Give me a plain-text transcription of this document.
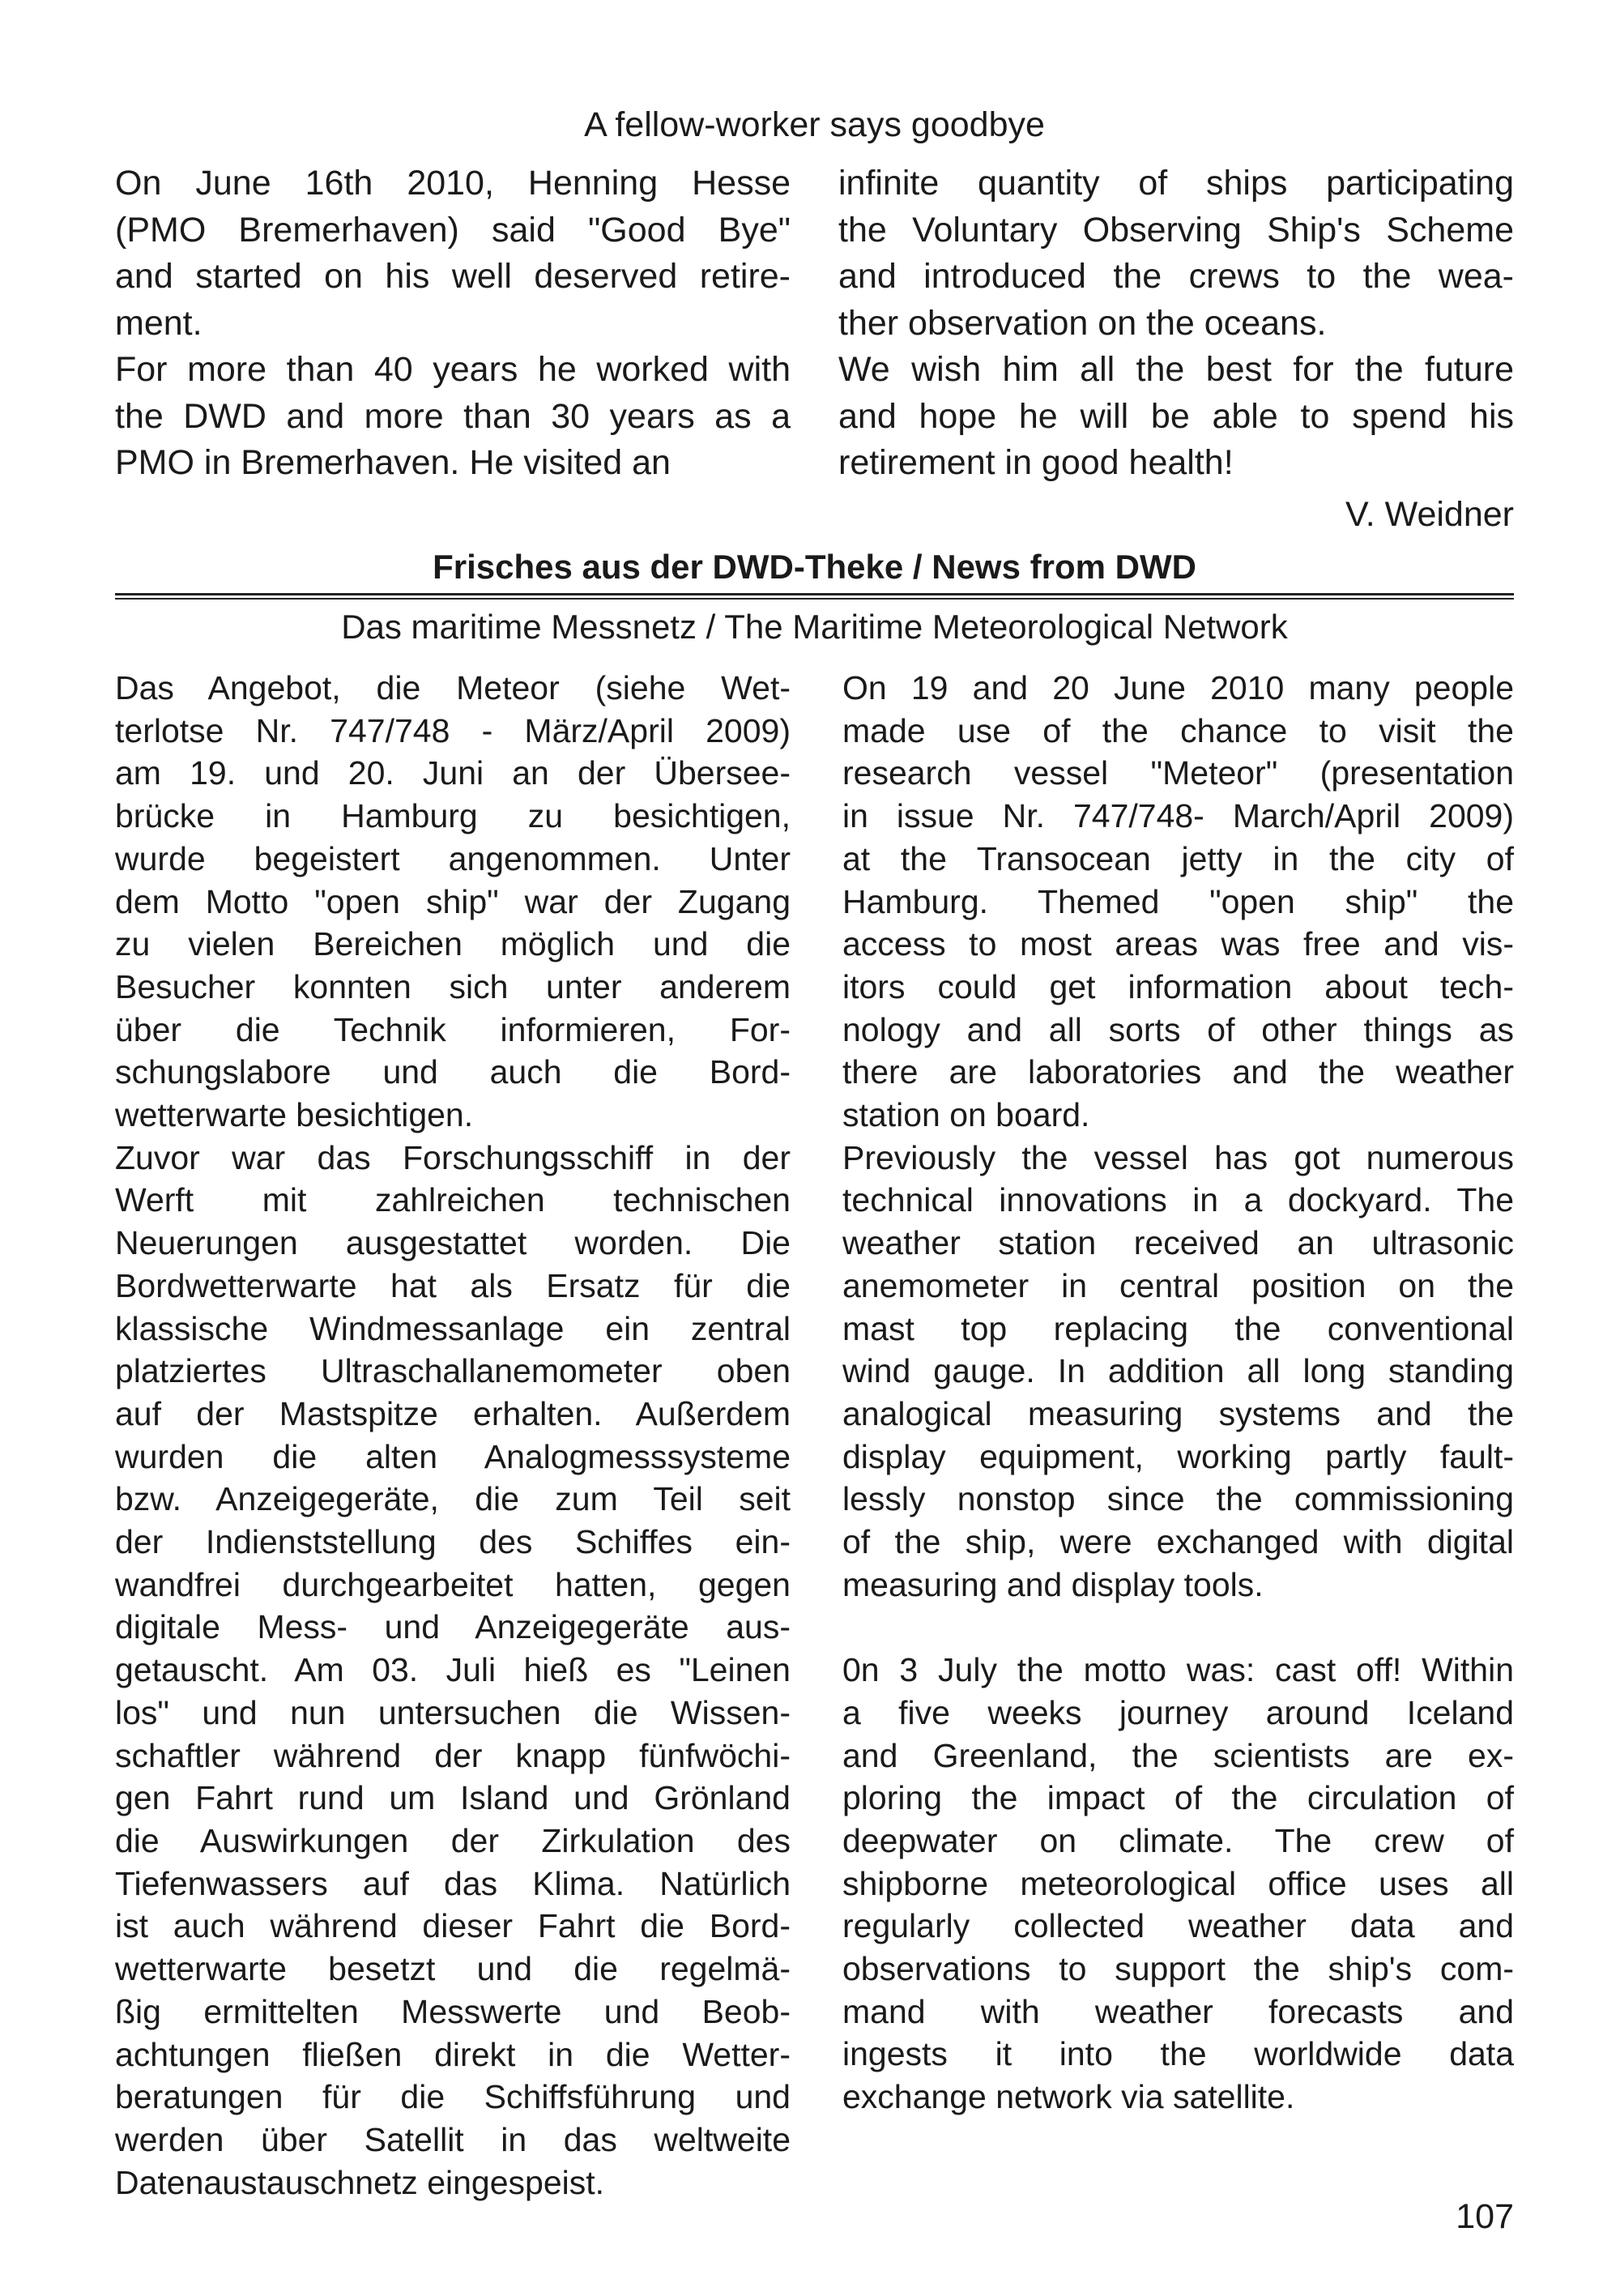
A fellow-worker says goodbye
On June 16th 2010, Henning Hesse
(PMO Bremerhaven) said "Good Bye"
and started on his well deserved retire-
ment.
For more than 40 years he worked with
the DWD and more than 30 years as a
PMO in Bremerhaven. He visited an
infinite quantity of ships participating
the Voluntary Observing Ship's Scheme
and introduced the crews to the wea-
ther observation on the oceans.
We wish him all the best for the future
and hope he will be able to spend his
retirement in good health!
V. Weidner
Frisches aus der DWD-Theke / News from DWD
Das maritime Messnetz / The Maritime Meteorological Network
Das Angebot, die Meteor (siehe Wet-
terlotse Nr. 747/748 - März/April 2009)
am 19. und 20. Juni an der Übersee-
brücke in Hamburg zu besichtigen,
wurde begeistert angenommen. Unter
dem Motto "open ship" war der Zugang
zu vielen Bereichen möglich und die
Besucher konnten sich unter anderem
über die Technik informieren, For-
schungslabore und auch die Bord-
wetterwarte besichtigen.
Zuvor war das Forschungsschiff in der
Werft mit zahlreichen technischen
Neuerungen ausgestattet worden. Die
Bordwetterwarte hat als Ersatz für die
klassische Windmessanlage ein zentral
platziertes Ultraschallanemometer oben
auf der Mastspitze erhalten. Außerdem
wurden die alten Analogmesssysteme
bzw. Anzeigegeräte, die zum Teil seit
der Indienststellung des Schiffes ein-
wandfrei durchgearbeitet hatten, gegen
digitale Mess- und Anzeigegeräte aus-
getauscht. Am 03. Juli hieß es "Leinen
los" und nun untersuchen die Wissen-
schaftler während der knapp fünfwöchi-
gen Fahrt rund um Island und Grönland
die Auswirkungen der Zirkulation des
Tiefenwassers auf das Klima. Natürlich
ist auch während dieser Fahrt die Bord-
wetterwarte besetzt und die regelmä-
ßig ermittelten Messwerte und Beob-
achtungen fließen direkt in die Wetter-
beratungen für die Schiffsführung und
werden über Satellit in das weltweite
Datenaustauschnetz eingespeist.
On 19 and 20 June 2010 many people
made use of the chance to visit the
research vessel "Meteor" (presentation
in issue Nr. 747/748- March/April 2009)
at the Transocean jetty in the city of
Hamburg. Themed "open ship" the
access to most areas was free and vis-
itors could get information about tech-
nology and all sorts of other things as
there are laboratories and the weather
station on board.
Previously the vessel has got numerous
technical innovations in a dockyard. The
weather station received an ultrasonic
anemometer in central position on the
mast top replacing the conventional
wind gauge. In addition all long standing
analogical measuring systems and the
display equipment, working partly fault-
lessly nonstop since the commissioning
of the ship, were exchanged with digital
measuring and display tools.
0n 3 July the motto was: cast off! Within
a five weeks journey around Iceland
and Greenland, the scientists are ex-
ploring the impact of the circulation of
deepwater on climate. The crew of
shipborne meteorological office uses all
regularly collected weather data and
observations to support the ship's com-
mand with weather forecasts and
ingests it into the worldwide data
exchange network via satellite.
107
